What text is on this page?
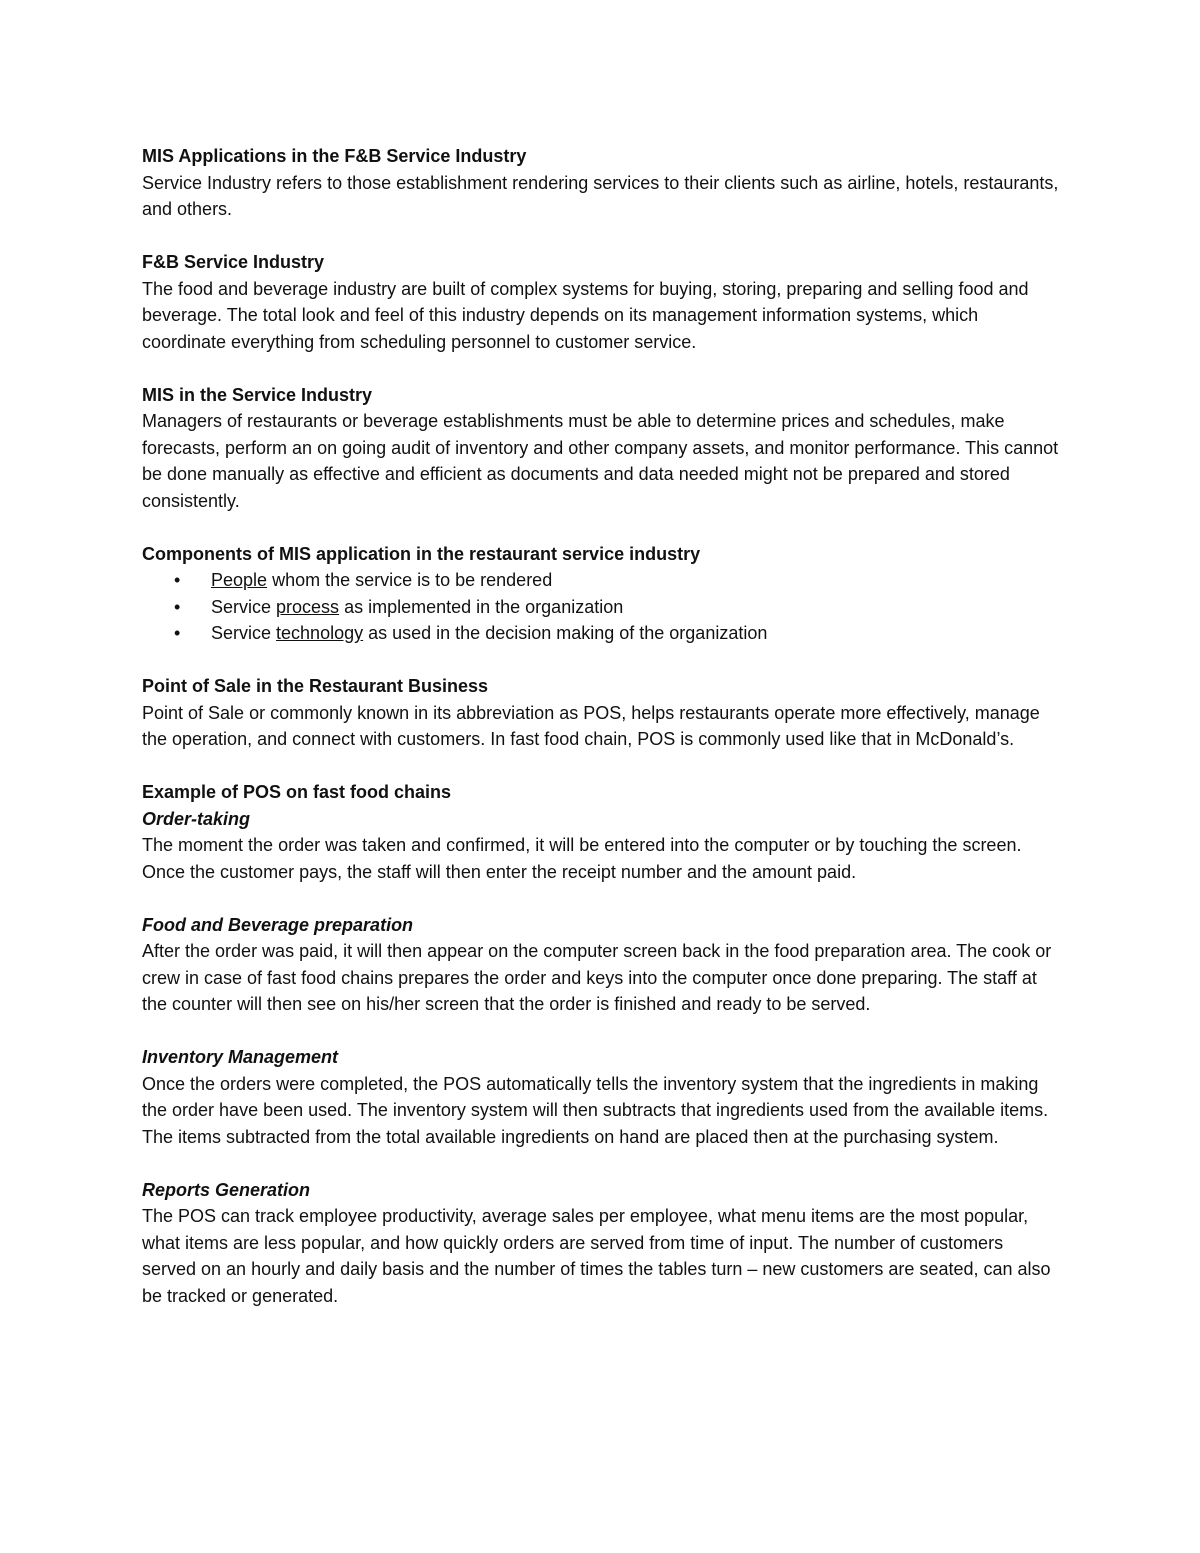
MIS Applications in the F&B Service Industry

Service Industry refers to those establishment rendering services to their clients such as airline, hotels, restaurants, and others.

F&B Service Industry

The food and beverage industry are built of complex systems for buying, storing, preparing and selling food and beverage. The total look and feel of this industry depends on its management information systems, which coordinate everything from scheduling personnel to customer service.

MIS in the Service Industry

Managers of restaurants or beverage establishments must be able to determine prices and schedules, make forecasts, perform an on going audit of inventory and other company assets, and monitor performance. This cannot be done manually as effective and efficient as documents and data needed might not be prepared and stored consistently.

Components of MIS application in the restaurant service industry

• People whom the service is to be rendered
• Service process as implemented in the organization
• Service technology as used in the decision making of the organization

Point of Sale in the Restaurant Business

Point of Sale or commonly known in its abbreviation as POS, helps restaurants operate more effectively, manage the operation, and connect with customers. In fast food chain, POS is commonly used like that in McDonald’s.

Example of POS on fast food chains

Order-taking

The moment the order was taken and confirmed, it will be entered into the computer or by touching the screen. Once the customer pays, the staff will then enter the receipt number and the amount paid.

Food and Beverage preparation

After the order was paid, it will then appear on the computer screen back in the food preparation area. The cook or crew in case of fast food chains prepares the order and keys into the computer once done preparing. The staff at the counter will then see on his/her screen that the order is finished and ready to be served.

Inventory Management

Once the orders were completed, the POS automatically tells the inventory system that the ingredients in making the order have been used. The inventory system will then subtracts that ingredients used from the available items. The items subtracted from the total available ingredients on hand are placed then at the purchasing system.

Reports Generation

The POS can track employee productivity, average sales per employee, what menu items are the most popular, what items are less popular, and how quickly orders are served from time of input. The number of customers served on an hourly and daily basis and the number of times the tables turn – new customers are seated, can also be tracked or generated.
